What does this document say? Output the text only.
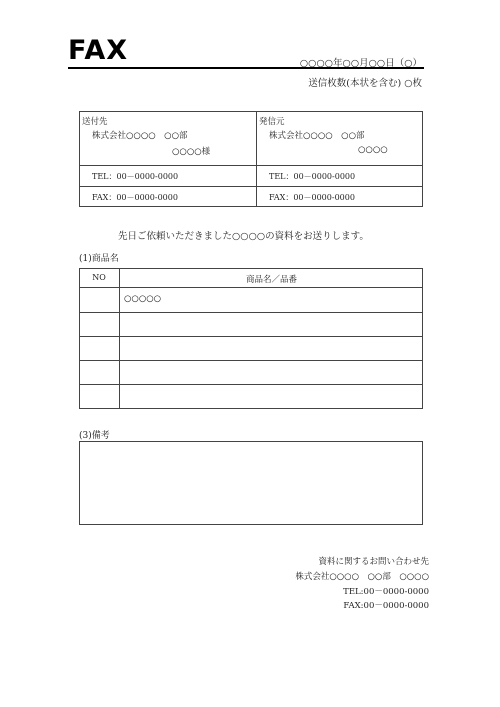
FAX	○○○○年○○月○○日（○）
送信枚数(本状を含む) ○枚
送付先
株式会社○○○○　○○部
○○○○様
TEL：00－0000-0000
FAX：00－0000-0000
発信元
株式会社○○○○　○○部
○○○○
TEL：00－0000-0000
FAX：00－0000-0000
先日ご依頼いただきました○○○○の資料をお送りします。
(1)商品名
NO	商品名／品番
○○○○○
(3)備考
資料に関するお問い合わせ先
株式会社○○○○　○○部　○○○○
TEL:00－0000-0000
FAX:00－0000-0000
